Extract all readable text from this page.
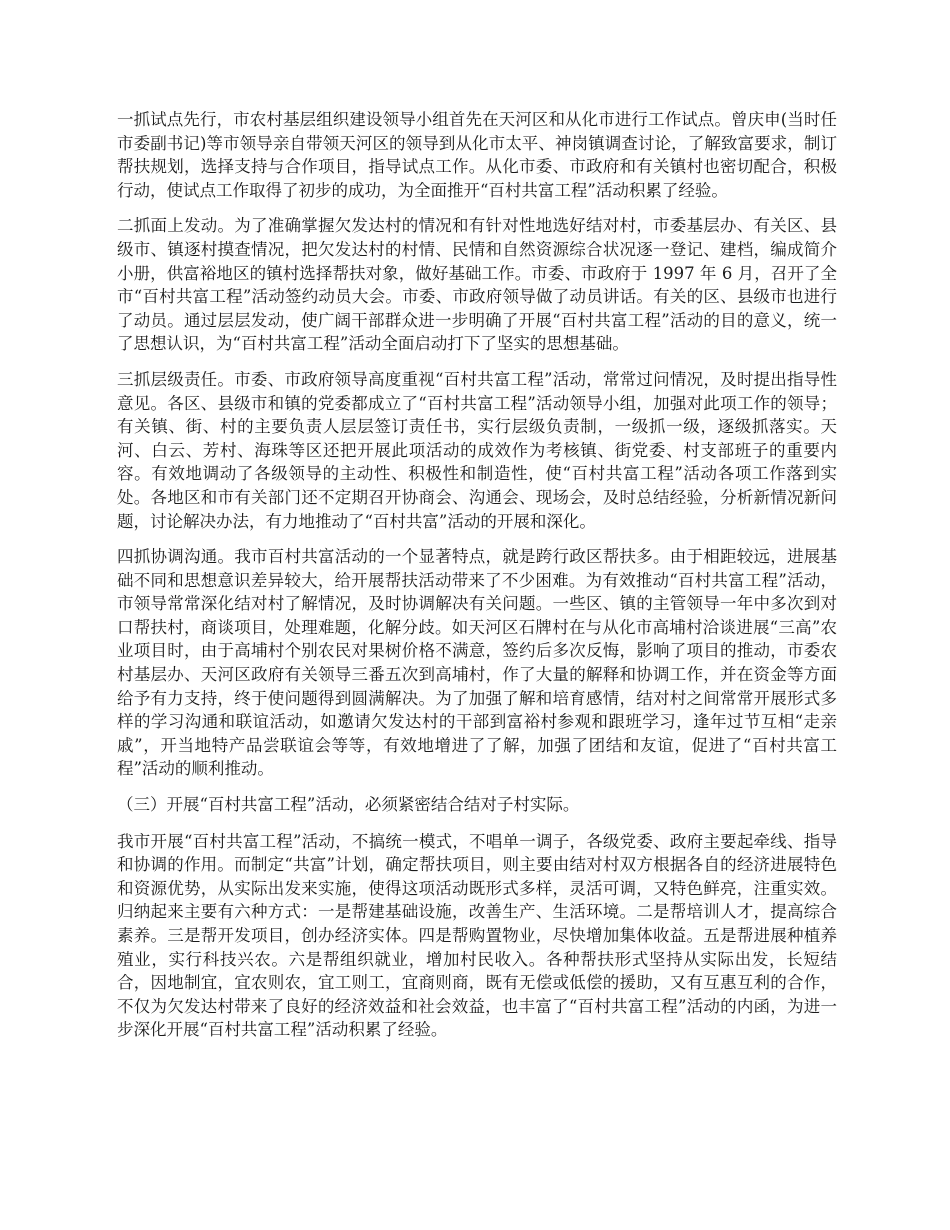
一抓试点先行，市农村基层组织建设领导小组首先在天河区和从化市进行工作试点。曾庆申(当时任市委副书记)等市领导亲自带领天河区的领导到从化市太平、神岗镇调查讨论，了解致富要求，制订帮扶规划，选择支持与合作项目，指导试点工作。从化市委、市政府和有关镇村也密切配合，积极行动，使试点工作取得了初步的成功，为全面推开“百村共富工程”活动积累了经验。

二抓面上发动。为了准确掌握欠发达村的情况和有针对性地选好结对村，市委基层办、有关区、县级市、镇逐村摸查情况，把欠发达村的村情、民情和自然资源综合状况逐一登记、建档，编成简介小册，供富裕地区的镇村选择帮扶对象，做好基础工作。市委、市政府于 1997 年 6 月，召开了全市“百村共富工程”活动签约动员大会。市委、市政府领导做了动员讲话。有关的区、县级市也进行了动员。通过层层发动，使广阔干部群众进一步明确了开展“百村共富工程”活动的目的意义，统一了思想认识，为“百村共富工程”活动全面启动打下了坚实的思想基础。

三抓层级责任。市委、市政府领导高度重视“百村共富工程”活动，常常过问情况，及时提出指导性意见。各区、县级市和镇的党委都成立了“百村共富工程”活动领导小组，加强对此项工作的领导；有关镇、街、村的主要负责人层层签订责任书，实行层级负责制，一级抓一级，逐级抓落实。天河、白云、芳村、海珠等区还把开展此项活动的成效作为考核镇、街党委、村支部班子的重要内容。有效地调动了各级领导的主动性、积极性和制造性，使“百村共富工程”活动各项工作落到实处。各地区和市有关部门还不定期召开协商会、沟通会、现场会，及时总结经验，分析新情况新问题，讨论解决办法，有力地推动了“百村共富”活动的开展和深化。

四抓协调沟通。我市百村共富活动的一个显著特点，就是跨行政区帮扶多。由于相距较远，进展基础不同和思想意识差异较大，给开展帮扶活动带来了不少困难。为有效推动“百村共富工程”活动，市领导常常深化结对村了解情况，及时协调解决有关问题。一些区、镇的主管领导一年中多次到对口帮扶村，商谈项目，处理难题，化解分歧。如天河区石牌村在与从化市高埔村洽谈进展“三高”农业项目时，由于高埔村个别农民对果树价格不满意，签约后多次反悔，影响了项目的推动，市委农村基层办、天河区政府有关领导三番五次到高埔村，作了大量的解释和协调工作，并在资金等方面给予有力支持，终于使问题得到圆满解决。为了加强了解和培育感情，结对村之间常常开展形式多样的学习沟通和联谊活动，如邀请欠发达村的干部到富裕村参观和跟班学习，逢年过节互相“走亲戚”，开当地特产品尝联谊会等等，有效地增进了了解，加强了团结和友谊，促进了“百村共富工程”活动的顺利推动。

（三）开展“百村共富工程”活动，必须紧密结合结对子村实际。

我市开展“百村共富工程”活动，不搞统一模式，不唱单一调子，各级党委、政府主要起牵线、指导和协调的作用。而制定“共富”计划，确定帮扶项目，则主要由结对村双方根据各自的经济进展特色和资源优势，从实际出发来实施，使得这项活动既形式多样，灵活可调，又特色鲜亮，注重实效。归纳起来主要有六种方式：一是帮建基础设施，改善生产、生活环境。二是帮培训人才，提高综合素养。三是帮开发项目，创办经济实体。四是帮购置物业，尽快增加集体收益。五是帮进展种植养殖业，实行科技兴农。六是帮组织就业，增加村民收入。各种帮扶形式坚持从实际出发，长短结合，因地制宜，宜农则农，宜工则工，宜商则商，既有无偿或低偿的援助，又有互惠互利的合作，不仅为欠发达村带来了良好的经济效益和社会效益，也丰富了“百村共富工程”活动的内函，为进一步深化开展“百村共富工程”活动积累了经验。
